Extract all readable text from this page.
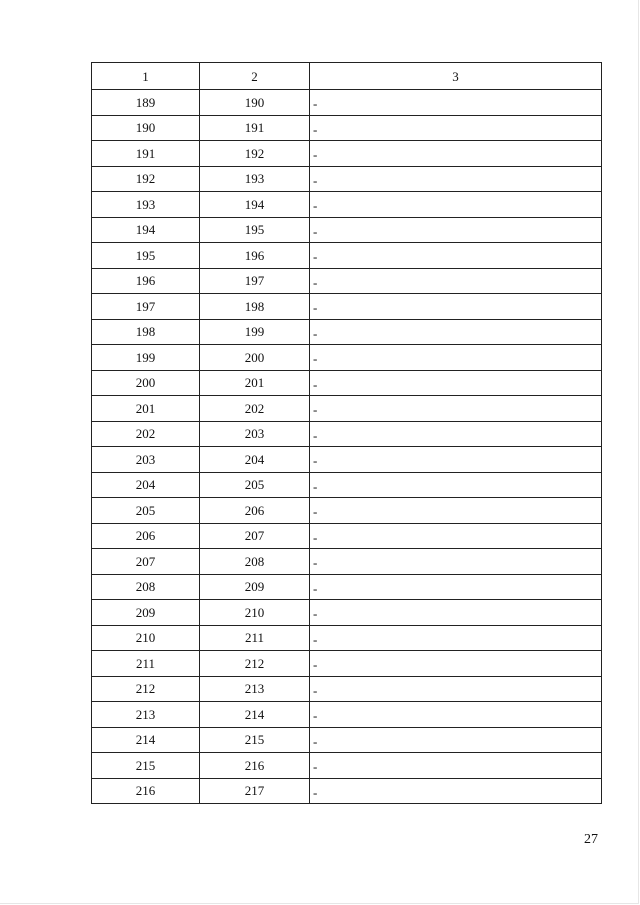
1	2	3
189	190	-
190	191	-
191	192	-
192	193	-
193	194	-
194	195	-
195	196	-
196	197	-
197	198	-
198	199	-
199	200	-
200	201	-
201	202	-
202	203	-
203	204	-
204	205	-
205	206	-
206	207	-
207	208	-
208	209	-
209	210	-
210	211	-
211	212	-
212	213	-
213	214	-
214	215	-
215	216	-
216	217	-
27
